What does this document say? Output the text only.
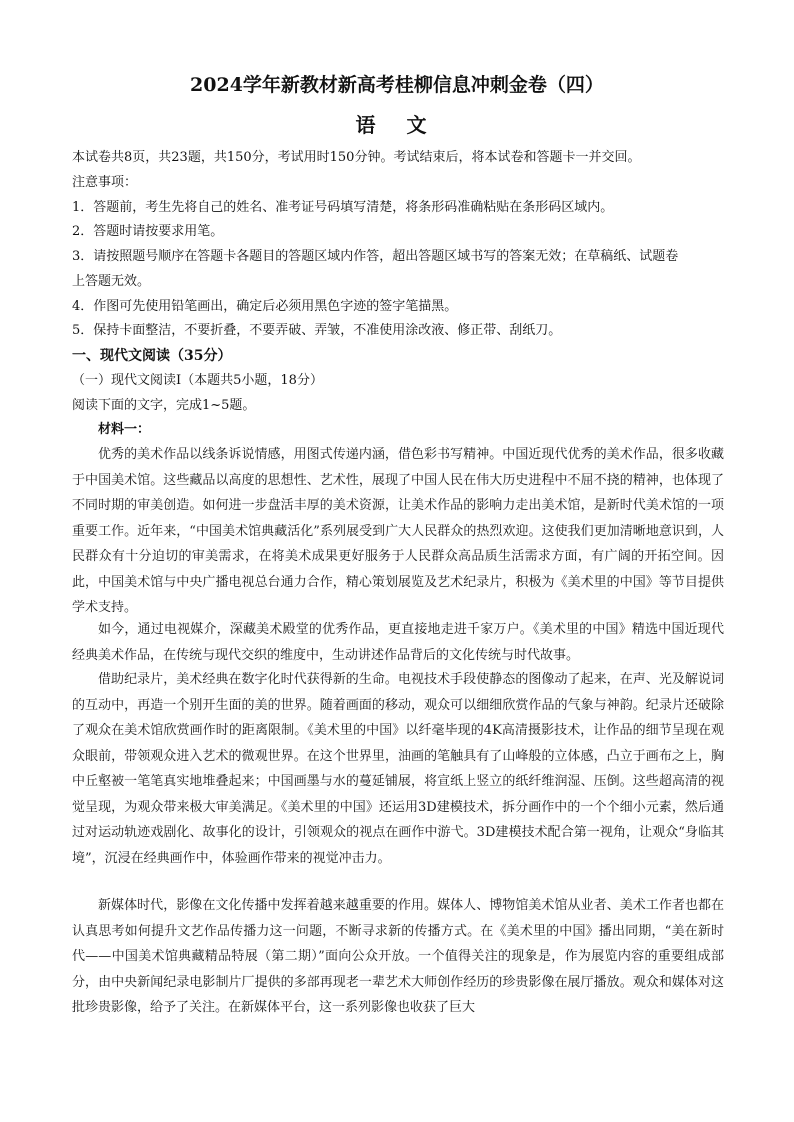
2024学年新教材新高考桂柳信息冲刺金卷（四）
语 文
本试卷共8页，共23题，共150分，考试用时150分钟。考试结束后，将本试卷和答题卡一并交回。
注意事项：
1．答题前，考生先将自己的姓名、准考证号码填写清楚，将条形码准确粘贴在条形码区域内。
2．答题时请按要求用笔。
3．请按照题号顺序在答题卡各题目的答题区域内作答，超出答题区域书写的答案无效；在草稿纸、试题卷
上答题无效。
4．作图可先使用铅笔画出，确定后必须用黑色字迹的签字笔描黑。
5．保持卡面整洁，不要折叠，不要弄破、弄皱，不准使用涂改液、修正带、刮纸刀。
一、现代文阅读（35分）
（一）现代文阅读Ⅰ（本题共5小题，18分）
阅读下面的文字，完成1~5题。
材料一：
优秀的美术作品以线条诉说情感，用图式传递内涵，借色彩书写精神。中国近现代优秀的美术作品，很多收藏于中国美术馆。这些藏品以高度的思想性、艺术性，展现了中国人民在伟大历史进程中不屈不挠的精神，也体现了不同时期的审美创造。如何进一步盘活丰厚的美术资源，让美术作品的影响力走出美术馆，是新时代美术馆的一项重要工作。近年来，“中国美术馆典藏活化”系列展受到广大人民群众的热烈欢迎。这使我们更加清晰地意识到，人民群众有十分迫切的审美需求，在将美术成果更好服务于人民群众高品质生活需求方面，有广阔的开拓空间。因此，中国美术馆与中央广播电视总台通力合作，精心策划展览及艺术纪录片，积极为《美术里的中国》等节目提供学术支持。
如今，通过电视媒介，深藏美术殿堂的优秀作品，更直接地走进千家万户。《美术里的中国》精选中国近现代经典美术作品，在传统与现代交织的维度中，生动讲述作品背后的文化传统与时代故事。
借助纪录片，美术经典在数字化时代获得新的生命。电视技术手段使静态的图像动了起来，在声、光及解说词的互动中，再造一个别开生面的美的世界。随着画面的移动，观众可以细细欣赏作品的气象与神韵。纪录片还破除了观众在美术馆欣赏画作时的距离限制。《美术里的中国》以纤毫毕现的4K高清摄影技术，让作品的细节呈现在观众眼前，带领观众进入艺术的微观世界。在这个世界里，油画的笔触具有了山峰般的立体感，凸立于画布之上，胸中丘壑被一笔笔真实地堆叠起来；中国画墨与水的蔓延铺展，将宣纸上竖立的纸纤维润湿、压倒。这些超高清的视觉呈现，为观众带来极大审美满足。《美术里的中国》还运用3D建模技术，拆分画作中的一个个细小元素，然后通过对运动轨迹戏剧化、故事化的设计，引领观众的视点在画作中游弋。3D建模技术配合第一视角，让观众“身临其境”，沉浸在经典画作中，体验画作带来的视觉冲击力。
新媒体时代，影像在文化传播中发挥着越来越重要的作用。媒体人、博物馆美术馆从业者、美术工作者也都在认真思考如何提升文艺作品传播力这一问题，不断寻求新的传播方式。在《美术里的中国》播出同期，“美在新时代——中国美术馆典藏精品特展（第二期）”面向公众开放。一个值得关注的现象是，作为展览内容的重要组成部分，由中央新闻纪录电影制片厂提供的多部再现老一辈艺术大师创作经历的珍贵影像在展厅播放。观众和媒体对这批珍贵影像，给予了关注。在新媒体平台，这一系列影像也收获了巨大
